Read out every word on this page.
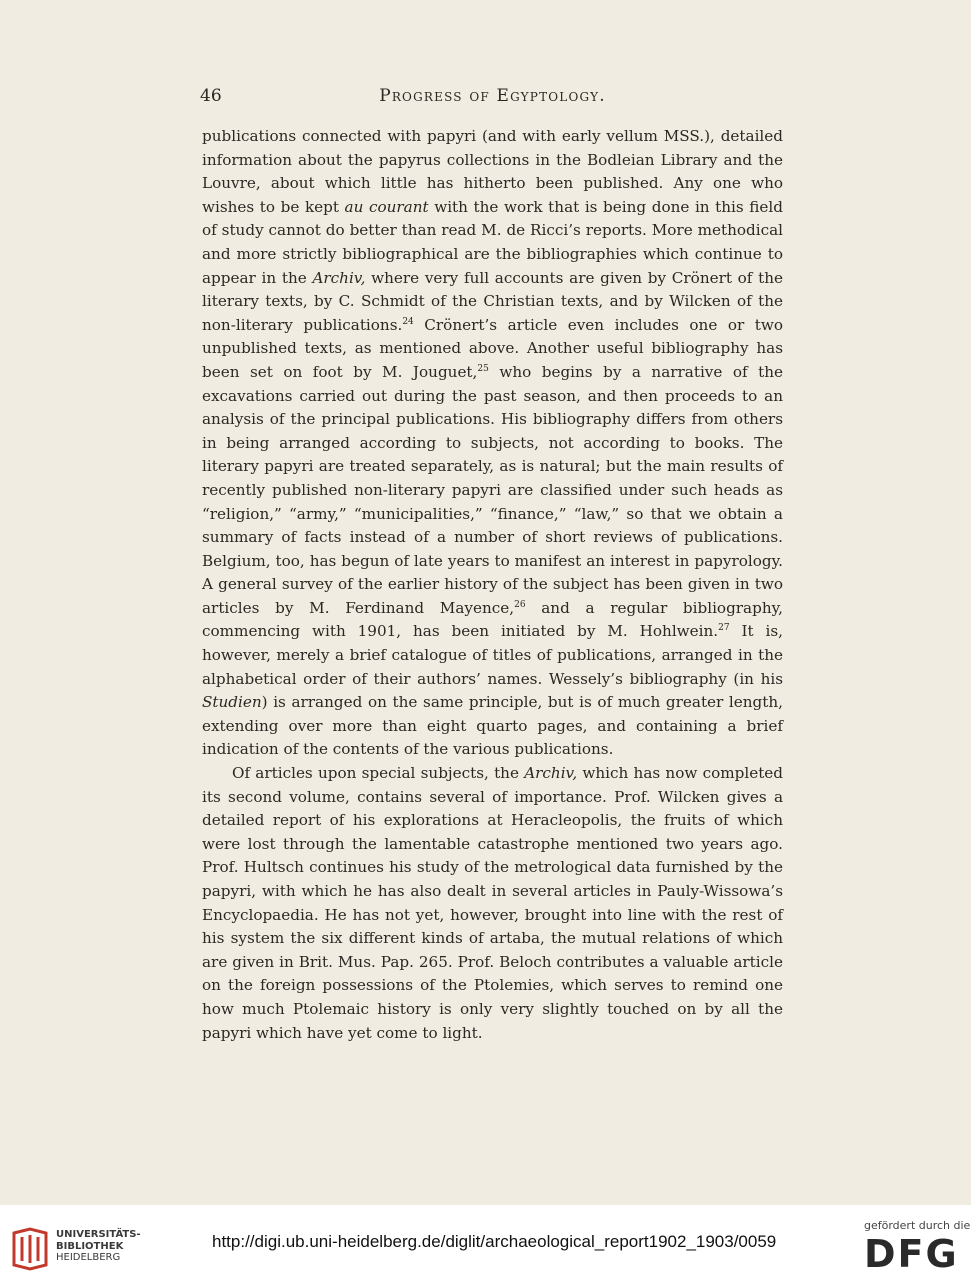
46	Progress of Egyptology.

publications connected with papyri (and with early vellum MSS.), detailed information about the papyrus collections in the Bodleian Library and the Louvre, about which little has hitherto been published. Any one who wishes to be kept au courant with the work that is being done in this field of study cannot do better than read M. de Ricci’s reports. More methodical and more strictly bibliographical are the bibliographies which continue to appear in the Archiv, where very full accounts are given by Crönert of the literary texts, by C. Schmidt of the Christian texts, and by Wilcken of the non-literary publications.$^{24}$ Crönert’s article even includes one or two unpublished texts, as mentioned above. Another useful bibliography has been set on foot by M. Jouguet,$^{25}$ who begins by a narrative of the excavations carried out during the past season, and then proceeds to an analysis of the principal publications. His bibliography differs from others in being arranged according to subjects, not according to books. The literary papyri are treated separately, as is natural; but the main results of recently published non-literary papyri are classified under such heads as “religion,” “army,” “municipalities,” “finance,” “law,” so that we obtain a summary of facts instead of a number of short reviews of publications. Belgium, too, has begun of late years to manifest an interest in papyrology. A general survey of the earlier history of the subject has been given in two articles by M. Ferdinand Mayence,$^{26}$ and a regular bibliography, commencing with 1901, has been initiated by M. Hohlwein.$^{27}$ It is, however, merely a brief catalogue of titles of publications, arranged in the alphabetical order of their authors’ names. Wessely’s bibliography (in his Studien) is arranged on the same principle, but is of much greater length, extending over more than eight quarto pages, and containing a brief indication of the contents of the various publications.

Of articles upon special subjects, the Archiv, which has now completed its second volume, contains several of importance. Prof. Wilcken gives a detailed report of his explorations at Heracleopolis, the fruits of which were lost through the lamentable catastrophe mentioned two years ago. Prof. Hultsch continues his study of the metrological data furnished by the papyri, with which he has also dealt in several articles in Pauly-Wissowa’s Encyclopaedia. He has not yet, however, brought into line with the rest of his system the six different kinds of artaba, the mutual relations of which are given in Brit. Mus. Pap. 265. Prof. Beloch contributes a valuable article on the foreign possessions of the Ptolemies, which serves to remind one how much Ptolemaic history is only very slightly touched on by all the papyri which have yet come to light.

UNIVERSITÄTS-
BIBLIOTHEK
HEIDELBERG
http://digi.ub.uni-heidelberg.de/diglit/archaeological_report1902_1903/0059
gefördert durch die
DFG
